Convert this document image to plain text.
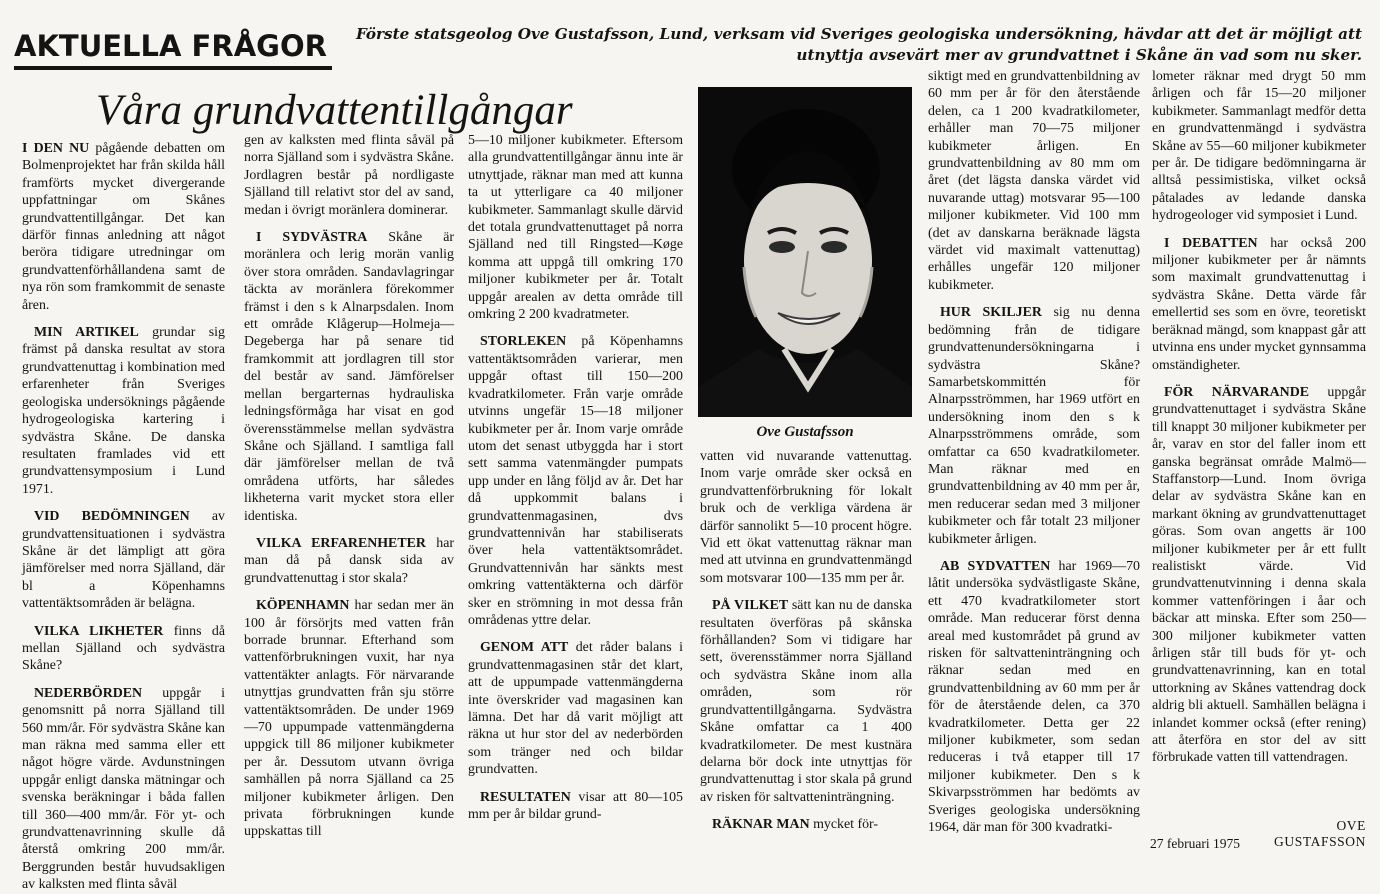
AKTUELLA FRÅGOR	Förste statsgeolog Ove Gustafsson, Lund, verksam vid Sveriges geologiska undersökning, hävdar att det är möjligt att utnyttja avsevärt mer av grundvattnet i Skåne än vad som nu sker.
Våra grundvattentillgångar

I DEN NU pågående debatten om Bolmenprojektet har från skilda håll framförts mycket divergerande uppfattningar om Skånes grundvattentillgångar. Det kan därför finnas anledning att något beröra tidigare utredningar om grundvattenförhållandena samt de nya rön som framkommit de senaste åren.

MIN ARTIKEL grundar sig främst på danska resultat av stora grundvattenuttag i kombination med erfarenheter från Sveriges geologiska undersöknings pågående hydrogeologiska kartering i sydvästra Skåne. De danska resultaten framlades vid ett grundvattensymposium i Lund 1971.

VID BEDÖMNINGEN av grundvattensituationen i sydvästra Skåne är det lämpligt att göra jämförelser med norra Själland, där bl a Köpenhamns vattentäktsområden är belägna.

VILKA LIKHETER finns då mellan Själland och sydvästra Skåne?

NEDERBÖRDEN uppgår i genomsnitt på norra Själland till 560 mm/år. För sydvästra Skåne kan man räkna med samma eller ett något högre värde. Avdunstningen uppgår enligt danska mätningar och svenska beräkningar i båda fallen till 360—400 mm/år. För yt- och grundvattenavrinning skulle då återstå omkring 200 mm/år. Berggrunden består huvudsakligen av kalksten med flinta såväl

gen av kalksten med flinta såväl på norra Själland som i sydvästra Skåne. Jordlagren består på nordligaste Själland till relativt stor del av sand, medan i övrigt moränlera dominerar.

I SYDVÄSTRA Skåne är moränlera och lerig morän vanlig över stora områden. Sandavlagringar täckta av moränlera förekommer främst i den s k Alnarpsdalen. Inom ett område Klågerup—Holmeja—Degeberga har på senare tid framkommit att jordlagren till stor del består av sand. Jämförelser mellan bergarternas hydrauliska ledningsförmåga har visat en god överensstämmelse mellan sydvästra Skåne och Själland. I samtliga fall där jämförelser mellan de två områdena utförts, har således likheterna varit mycket stora eller identiska.

VILKA ERFARENHETER har man då på dansk sida av grundvattenuttag i stor skala?

KÖPENHAMN har sedan mer än 100 år försörjts med vatten från borrade brunnar. Efterhand som vattenförbrukningen vuxit, har nya vattentäkter anlagts. För närvarande utnyttjas grundvatten från sju större vattentäktsområden. De under 1969—70 uppumpade vattenmängderna uppgick till 86 miljoner kubikmeter per år. Dessutom utvann övriga samhällen på norra Själland ca 25 miljoner kubikmeter årligen. Den privata förbrukningen kunde uppskattas till

5—10 miljoner kubikmeter. Eftersom alla grundvattentillgångar ännu inte är utnyttjade, räknar man med att kunna ta ut ytterligare ca 40 miljoner kubikmeter. Sammanlagt skulle därvid det totala grundvattenuttaget på norra Själland ned till Ringsted—Køge komma att uppgå till omkring 170 miljoner kubikmeter per år. Totalt uppgår arealen av detta område till omkring 2 200 kvadratmeter.

STORLEKEN på Köpenhamns vattentäktsområden varierar, men uppgår oftast till 150—200 kvadratkilometer. Från varje område utvinns ungefär 15—18 miljoner kubikmeter per år. Inom varje område utom det senast utbyggda har i stort sett samma vatenmängder pumpats upp under en lång följd av år. Det har då uppkommit balans i grundvattenmagasinen, dvs grundvattennivån har stabiliserats över hela vattentäktsområdet. Grundvattennivån har sänkts mest omkring vattentäkterna och därför sker en strömning in mot dessa från områdenas yttre delar.

GENOM ATT det råder balans i grundvattenmagasinen står det klart, att de uppumpade vattenmängderna inte överskrider vad magasinen kan lämna. Det har då varit möjligt att räkna ut hur stor del av nederbörden som tränger ned och bildar grundvatten.

RESULTATEN visar att 80—105 mm per år bildar grund-

Ove Gustafsson

vatten vid nuvarande vattenuttag. Inom varje område sker också en grundvattenförbrukning för lokalt bruk och de verkliga värdena är därför sannolikt 5—10 procent högre. Vid ett ökat vattenuttag räknar man med att utvinna en grundvattenmängd som motsvarar 100—135 mm per år.

PÅ VILKET sätt kan nu de danska resultaten överföras på skånska förhållanden? Som vi tidigare har sett, överensstämmer norra Själland och sydvästra Skåne inom alla områden, som rör grundvattentillgångarna. Sydvästra Skåne omfattar ca 1 400 kvadratkilometer. De mest kustnära delarna bör dock inte utnyttjas för grundvattenuttag i stor skala på grund av risken för saltvatteninträngning.

RÄKNAR MAN mycket för-

siktigt med en grundvattenbildning av 60 mm per år för den återstående delen, ca 1 200 kvadratkilometer, erhåller man 70—75 miljoner kubikmeter årligen. En grundvattenbildning av 80 mm om året (det lägsta danska värdet vid nuvarande uttag) motsvarar 95—100 miljoner kubikmeter. Vid 100 mm (det av danskarna beräknade lägsta värdet vid maximalt vattenuttag) erhålles ungefär 120 miljoner kubikmeter.

HUR SKILJER sig nu denna bedömning från de tidigare grundvattenundersökningarna i sydvästra Skåne? Samarbetskommittén för Alnarpsströmmen, har 1969 utfört en undersökning inom den s k Alnarpsströmmens område, som omfattar ca 650 kvadratkilometer. Man räknar med en grundvattenbildning av 40 mm per år, men reducerar sedan med 3 miljoner kubikmeter och får totalt 23 miljoner kubikmeter årligen.

AB SYDVATTEN har 1969—70 låtit undersöka sydvästligaste Skåne, ett 470 kvadratkilometer stort område. Man reducerar först denna areal med kustområdet på grund av risken för saltvatteninträngning och räknar sedan med en grundvattenbildning av 60 mm per år för de återstående delen, ca 370 kvadratkilometer. Detta ger 22 miljoner kubikmeter, som sedan reduceras i två etapper till 17 miljoner kubikmeter. Den s k Skivarpsströmmen har bedömts av Sveriges geologiska undersökning 1964, där man för 300 kvadratki-

lometer räknar med drygt 50 mm årligen och får 15—20 miljoner kubikmeter. Sammanlagt medför detta en grundvattenmängd i sydvästra Skåne av 55—60 miljoner kubikmeter per år. De tidigare bedömningarna är alltså pessimistiska, vilket också påtalades av ledande danska hydrogeologer vid symposiet i Lund.

I DEBATTEN har också 200 miljoner kubikmeter per år nämnts som maximalt grundvattenuttag i sydvästra Skåne. Detta värde får emellertid ses som en övre, teoretiskt beräknad mängd, som knappast går att utvinna ens under mycket gynnsamma omständigheter.

FÖR NÄRVARANDE uppgår grundvattenuttaget i sydvästra Skåne till knappt 30 miljoner kubikmeter per år, varav en stor del faller inom ett ganska begränsat område Malmö—Staffanstorp—Lund. Inom övriga delar av sydvästra Skåne kan en markant ökning av grundvattenuttaget göras. Som ovan angetts är 100 miljoner kubikmeter per år ett fullt realistiskt värde. Vid grundvattenutvinning i denna skala kommer vattenföringen i åar och bäckar att minska. Efter som 250—300 miljoner kubikmeter vatten årligen står till buds för yt- och grundvattenavrinning, kan en total uttorkning av Skånes vattendrag dock aldrig bli aktuell. Samhällen belägna i inlandet kommer också (efter rening) att återföra en stor del av sitt förbrukade vatten till vattendragen.

OVE GUSTAFSSON
27 februari 1975
